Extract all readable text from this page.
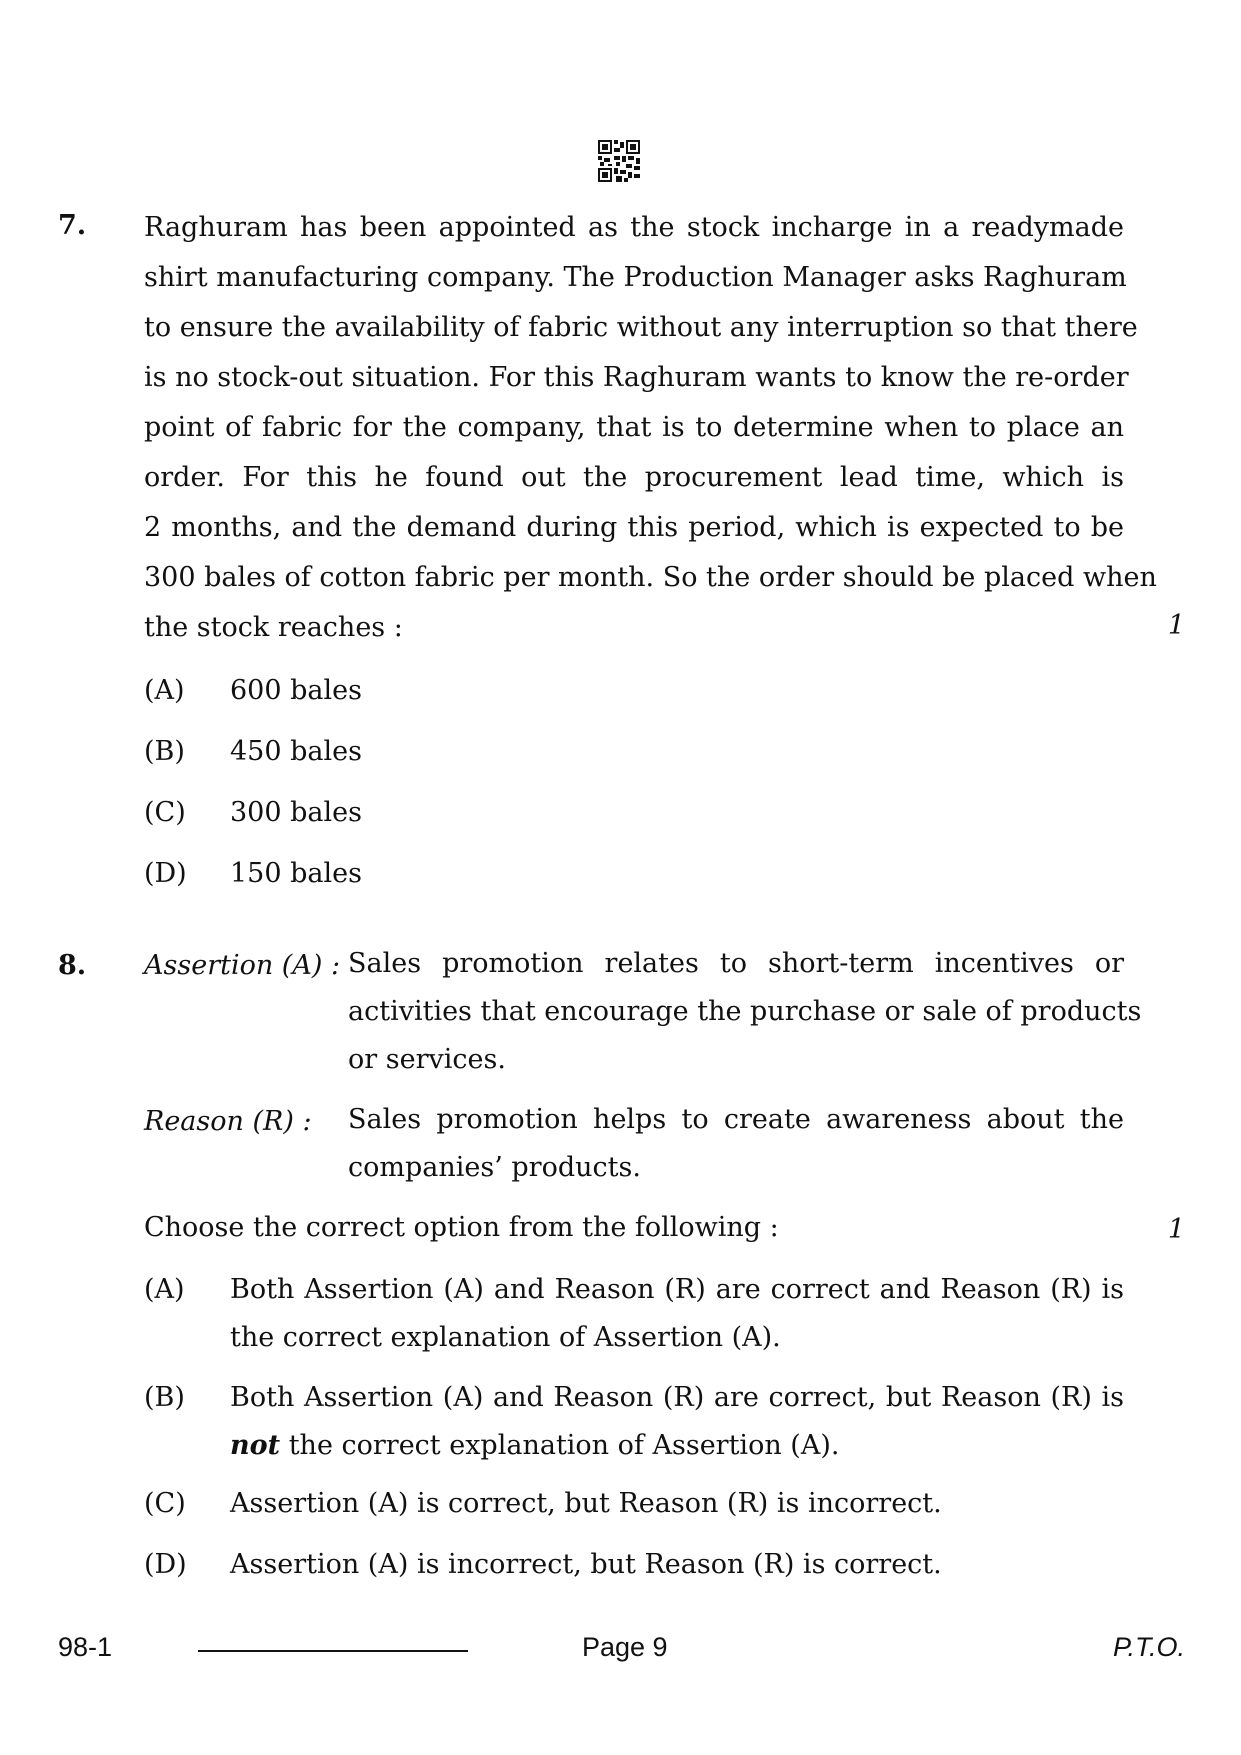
7. Raghuram has been appointed as the stock incharge in a readymade
shirt manufacturing company. The Production Manager asks Raghuram
to ensure the availability of fabric without any interruption so that there
is no stock-out situation. For this Raghuram wants to know the re-order
point of fabric for the company, that is to determine when to place an
order. For this he found out the procurement lead time, which is
2 months, and the demand during this period, which is expected to be
300 bales of cotton fabric per month. So the order should be placed when
the stock reaches :	1
(A) 600 bales
(B) 450 bales
(C) 300 bales
(D) 150 bales
8. Assertion (A) : Sales promotion relates to short-term incentives or
activities that encourage the purchase or sale of products
or services.
Reason (R) : Sales promotion helps to create awareness about the
companies’ products.
Choose the correct option from the following :	1
(A) Both Assertion (A) and Reason (R) are correct and Reason (R) is
the correct explanation of Assertion (A).
(B) Both Assertion (A) and Reason (R) are correct, but Reason (R) is
not the correct explanation of Assertion (A).
(C) Assertion (A) is correct, but Reason (R) is incorrect.
(D) Assertion (A) is incorrect, but Reason (R) is correct.
98-1	Page 9	P.T.O.
